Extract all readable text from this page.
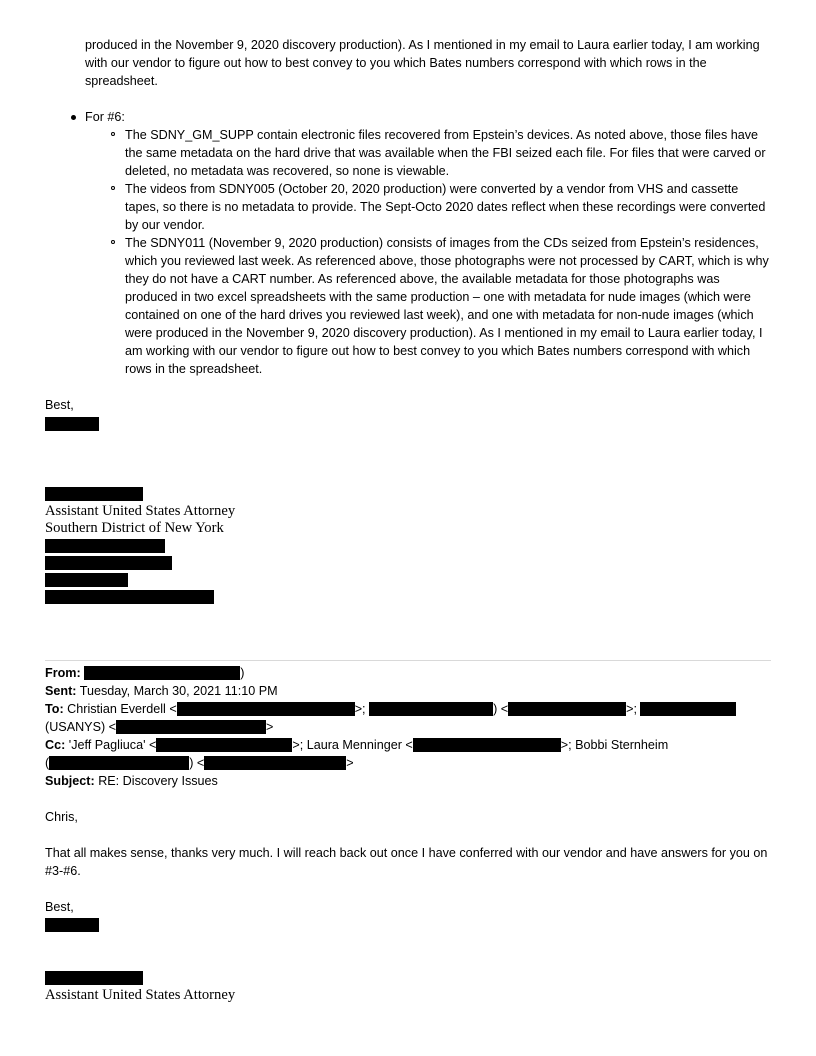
produced in the November 9, 2020 discovery production). As I mentioned in my email to Laura earlier today, I am working with our vendor to figure out how to best convey to you which Bates numbers correspond with which rows in the spreadsheet.

For #6:

The SDNY_GM_SUPP contain electronic files recovered from Epstein’s devices. As noted above, those files have the same metadata on the hard drive that was available when the FBI seized each file. For files that were carved or deleted, no metadata was recovered, so none is viewable.

The videos from SDNY005 (October 20, 2020 production) were converted by a vendor from VHS and cassette tapes, so there is no metadata to provide. The Sept-Octo 2020 dates reflect when these recordings were converted by our vendor.

The SDNY011 (November 9, 2020 production) consists of images from the CDs seized from Epstein’s residences, which you reviewed last week. As referenced above, those photographs were not processed by CART, which is why they do not have a CART number. As referenced above, the available metadata for those photographs was produced in two excel spreadsheets with the same production – one with metadata for nude images (which were contained on one of the hard drives you reviewed last week), and one with metadata for non-nude images (which were produced in the November 9, 2020 discovery production). As I mentioned in my email to Laura earlier today, I am working with our vendor to figure out how to best convey to you which Bates numbers correspond with which rows in the spreadsheet.

Best,

Assistant United States Attorney
Southern District of New York
From:	)
Sent: Tuesday, March 30, 2021 11:10 PM
To: Christian Everdell <	>;	) <	>;
(USANYS) <	>
Cc: 'Jeff Pagliuca' <	>; Laura Menninger <	>; Bobbi Sternheim
(	) <	>
Subject: RE: Discovery Issues

Chris,

That all makes sense, thanks very much. I will reach back out once I have conferred with our vendor and have answers for you on #3-#6.

Best,

Assistant United States Attorney
